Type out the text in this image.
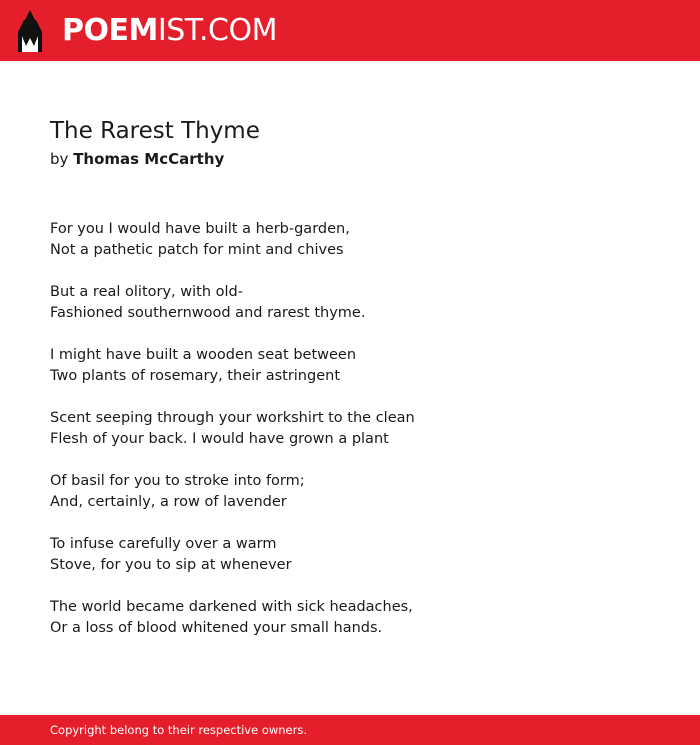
POEMIST.COM
The Rarest Thyme
by Thomas McCarthy
For you I would have built a herb-garden,
Not a pathetic patch for mint and chives
But a real olitory, with old-
Fashioned southernwood and rarest thyme.
I might have built a wooden seat between
Two plants of rosemary, their astringent
Scent seeping through your workshirt to the clean
Flesh of your back. I would have grown a plant
Of basil for you to stroke into form;
And, certainly, a row of lavender
To infuse carefully over a warm
Stove, for you to sip at whenever
The world became darkened with sick headaches,
Or a loss of blood whitened your small hands.
Copyright belong to their respective owners.
